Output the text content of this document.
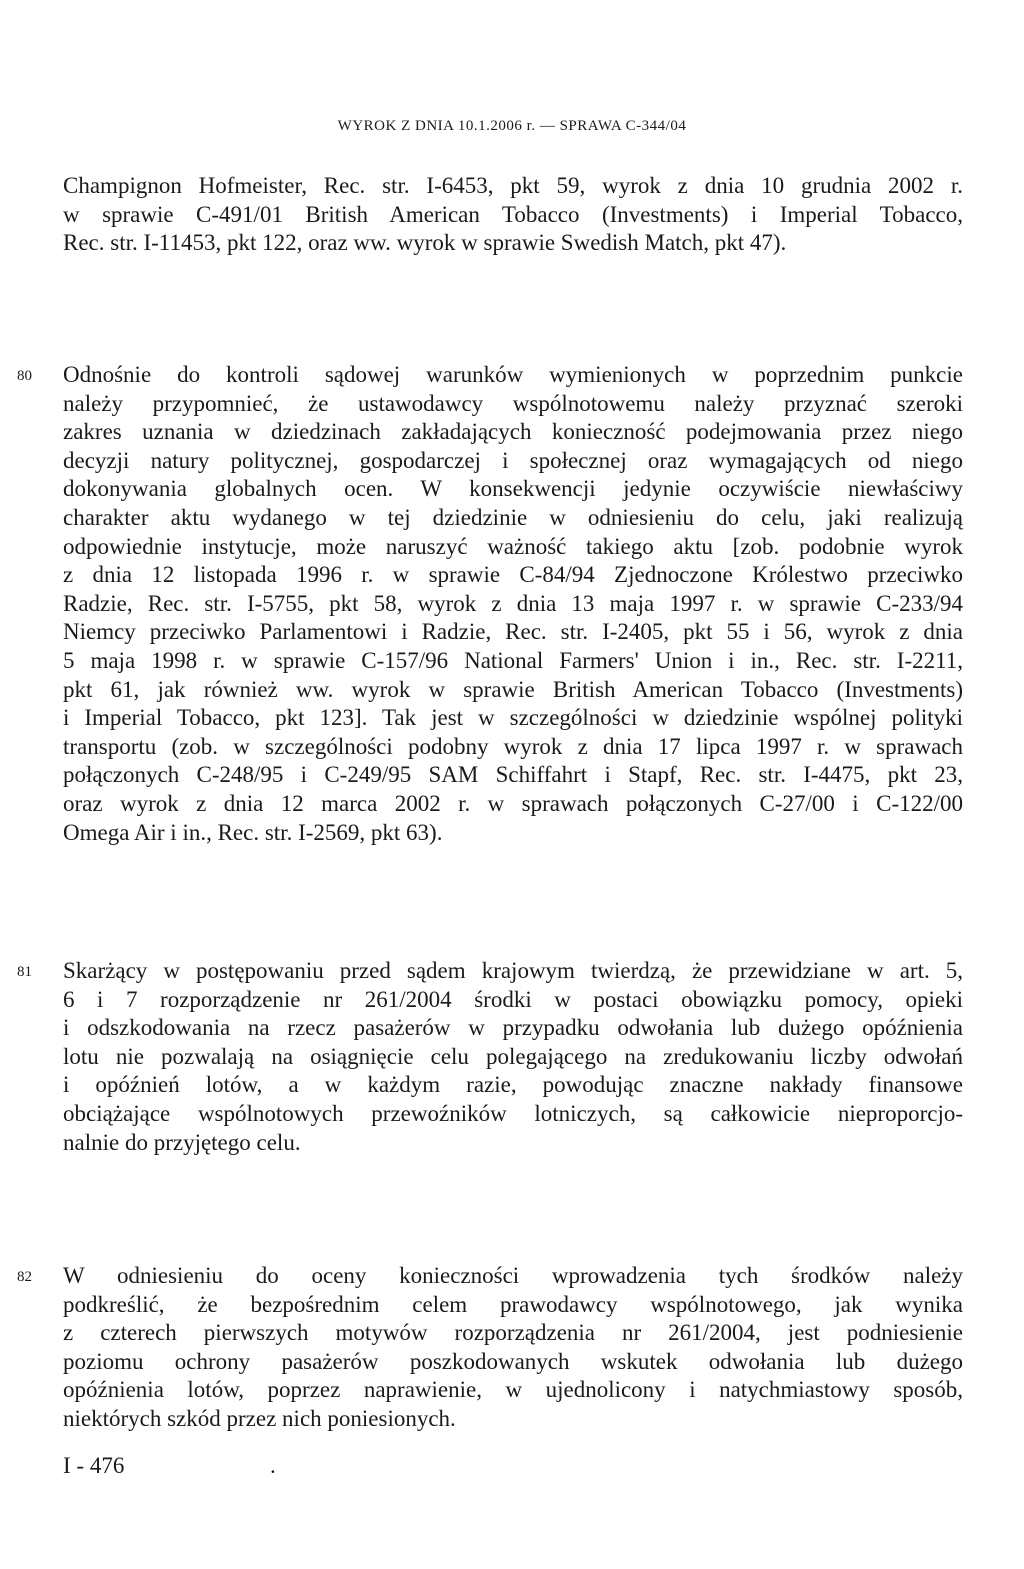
WYROK Z DNIA 10.1.2006 r. — SPRAWA C-344/04
Champignon Hofmeister, Rec. str. I-6453, pkt 59, wyrok z dnia 10 grudnia 2002 r.
w sprawie C-491/01 British American Tobacco (Investments) i Imperial Tobacco,
Rec. str. I-11453, pkt 122, oraz ww. wyrok w sprawie Swedish Match, pkt 47).
80 Odnośnie do kontroli sądowej warunków wymienionych w poprzednim punkcie
należy przypomnieć, że ustawodawcy wspólnotowemu należy przyznać szeroki
zakres uznania w dziedzinach zakładających konieczność podejmowania przez niego
decyzji natury politycznej, gospodarczej i społecznej oraz wymagających od niego
dokonywania globalnych ocen. W konsekwencji jedynie oczywiście niewłaściwy
charakter aktu wydanego w tej dziedzinie w odniesieniu do celu, jaki realizują
odpowiednie instytucje, może naruszyć ważność takiego aktu [zob. podobnie wyrok
z dnia 12 listopada 1996 r. w sprawie C-84/94 Zjednoczone Królestwo przeciwko
Radzie, Rec. str. I-5755, pkt 58, wyrok z dnia 13 maja 1997 r. w sprawie C-233/94
Niemcy przeciwko Parlamentowi i Radzie, Rec. str. I-2405, pkt 55 i 56, wyrok z dnia
5 maja 1998 r. w sprawie C-157/96 National Farmers' Union i in., Rec. str. I-2211,
pkt 61, jak również ww. wyrok w sprawie British American Tobacco (Investments)
i Imperial Tobacco, pkt 123]. Tak jest w szczególności w dziedzinie wspólnej polityki
transportu (zob. w szczególności podobny wyrok z dnia 17 lipca 1997 r. w sprawach
połączonych C-248/95 i C-249/95 SAM Schiffahrt i Stapf, Rec. str. I-4475, pkt 23,
oraz wyrok z dnia 12 marca 2002 r. w sprawach połączonych C-27/00 i C-122/00
Omega Air i in., Rec. str. I-2569, pkt 63).
81 Skarżący w postępowaniu przed sądem krajowym twierdzą, że przewidziane w art. 5,
6 i 7 rozporządzenie nr 261/2004 środki w postaci obowiązku pomocy, opieki
i odszkodowania na rzecz pasażerów w przypadku odwołania lub dużego opóźnienia
lotu nie pozwalają na osiągnięcie celu polegającego na zredukowaniu liczby odwołań
i opóźnień lotów, a w każdym razie, powodując znaczne nakłady finansowe
obciążające wspólnotowych przewoźników lotniczych, są całkowicie nieproporcjo-
nalnie do przyjętego celu.
82 W odniesieniu do oceny konieczności wprowadzenia tych środków należy
podkreślić, że bezpośrednim celem prawodawcy wspólnotowego, jak wynika
z czterech pierwszych motywów rozporządzenia nr 261/2004, jest podniesienie
poziomu ochrony pasażerów poszkodowanych wskutek odwołania lub dużego
opóźnienia lotów, poprzez naprawienie, w ujednolicony i natychmiastowy sposób,
niektórych szkód przez nich poniesionych.
I - 476	.
